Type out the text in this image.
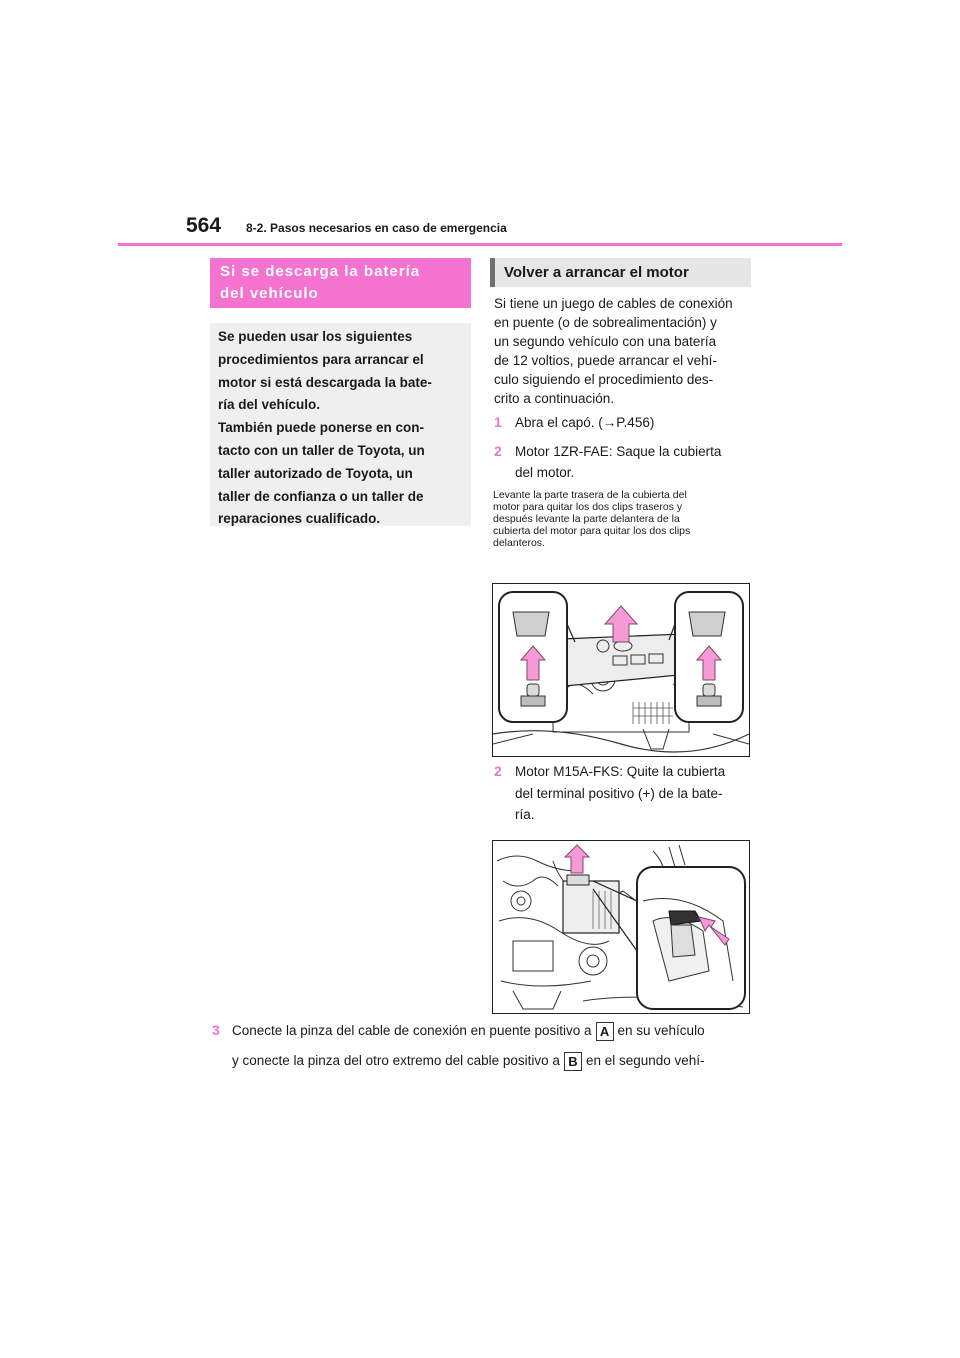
564 8-2. Pasos necesarios en caso de emergencia
Si se descarga la batería
del vehículo
Se pueden usar los siguientes
procedimientos para arrancar el
motor si está descargada la bate-
ría del vehículo.
También puede ponerse en con-
tacto con un taller de Toyota, un
taller autorizado de Toyota, un
taller de confianza o un taller de
reparaciones cualificado.
Volver a arrancar el motor
Si tiene un juego de cables de conexión
en puente (o de sobrealimentación) y
un segundo vehículo con una batería
de 12 voltios, puede arrancar el vehí-
culo siguiendo el procedimiento des-
crito a continuación.
1 Abra el capó. (→P.456)
2 Motor 1ZR-FAE: Saque la cubierta
del motor.
Levante la parte trasera de la cubierta del
motor para quitar los dos clips traseros y
después levante la parte delantera de la
cubierta del motor para quitar los dos clips
delanteros.
2 Motor M15A-FKS: Quite la cubierta
del terminal positivo (+) de la bate-
ría.
3 Conecte la pinza del cable de conexión en puente positivo a A en su vehículo
y conecte la pinza del otro extremo del cable positivo a B en el segundo vehí-
